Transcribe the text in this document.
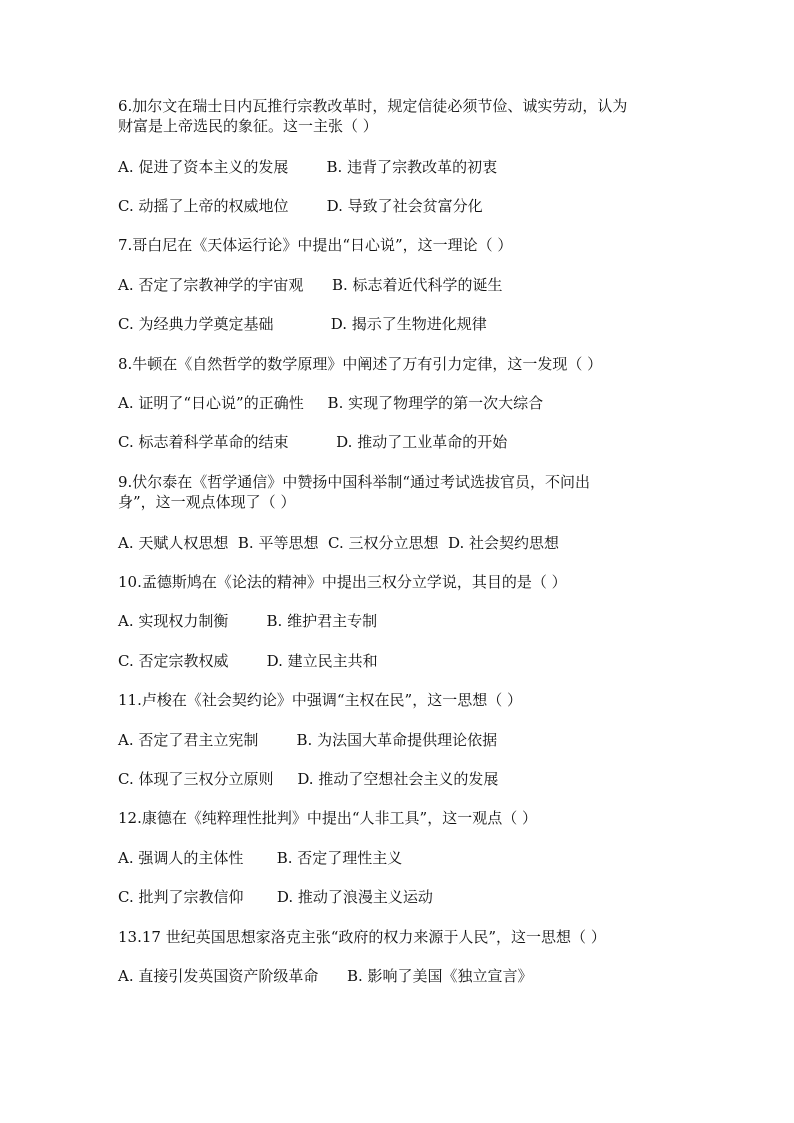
6.加尔文在瑞士日内瓦推行宗教改革时，规定信徒必须节俭、诚实劳动，认为
财富是上帝选民的象征。这一主张（ ）
A. 促进了资本主义的发展        B. 违背了宗教改革的初衷
C. 动摇了上帝的权威地位        D. 导致了社会贫富分化
7.哥白尼在《天体运行论》中提出“日心说”，这一理论（ ）
A. 否定了宗教神学的宇宙观      B. 标志着近代科学的诞生
C. 为经典力学奠定基础            D. 揭示了生物进化规律
8.牛顿在《自然哲学的数学原理》中阐述了万有引力定律，这一发现（ ）
A. 证明了“日心说”的正确性     B. 实现了物理学的第一次大综合
C. 标志着科学革命的结束          D. 推动了工业革命的开始
9.伏尔泰在《哲学通信》中赞扬中国科举制“通过考试选拔官员，不问出
身”，这一观点体现了（ ）
A. 天赋人权思想  B. 平等思想  C. 三权分立思想  D. 社会契约思想
10.孟德斯鸠在《论法的精神》中提出三权分立学说，其目的是（ ）
A. 实现权力制衡        B. 维护君主专制
C. 否定宗教权威        D. 建立民主共和
11.卢梭在《社会契约论》中强调“主权在民”，这一思想（ ）
A. 否定了君主立宪制        B. 为法国大革命提供理论依据
C. 体现了三权分立原则     D. 推动了空想社会主义的发展
12.康德在《纯粹理性批判》中提出“人非工具”，这一观点（ ）
A. 强调人的主体性       B. 否定了理性主义
C. 批判了宗教信仰       D. 推动了浪漫主义运动
13.17 世纪英国思想家洛克主张“政府的权力来源于人民”，这一思想（ ）
A. 直接引发英国资产阶级革命      B. 影响了美国《独立宣言》
